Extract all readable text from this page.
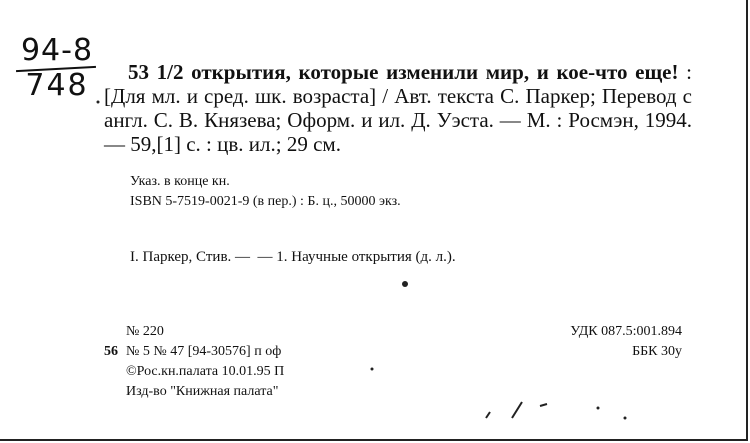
94-8
748	53 1/2 открытия, которые изменили мир, и кое-что еще! : [Для мл. и сред. шк. возраста] / Авт. текста С. Паркер; Перевод с англ. С. В. Князева; Оформ. и ил. Д. Уэста. — М. : Росмэн, 1994. — 59,[1] с. : цв. ил.; 29 см.
Указ. в конце кн.
ISBN 5-7519-0021-9 (в пер.) : Б. ц., 50000 экз.
I. Паркер, Стив. —  — 1. Научные открытия (д. л.).
№ 220
56 № 5 № 47 [94-30576] п оф
©Рос.кн.палата 10.01.95 П
Изд-во "Книжная палата"
УДК 087.5:001.894
ББК 30у
